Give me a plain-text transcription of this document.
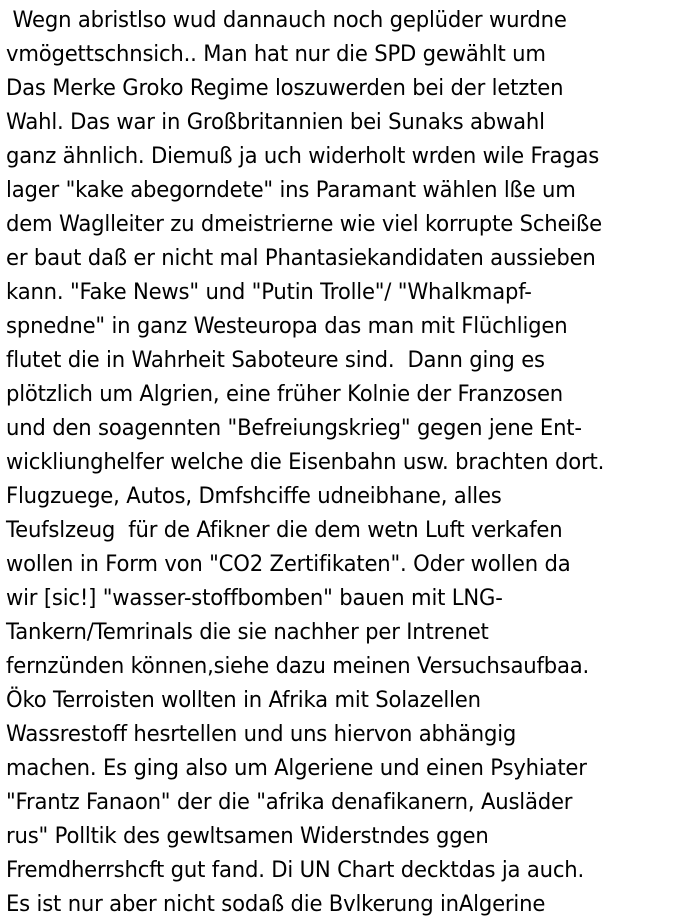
Wegn abristlso wud dannauch noch geplüder wurdne
vmögettschnsich.. Man hat nur die SPD gewählt um
Das Merke Groko Regime loszuwerden bei der letzten
Wahl. Das war in Großbritannien bei Sunaks abwahl
ganz ähnlich. Diemuß ja uch widerholt wrden wile Fragas
lager "kake abegorndete" ins Paramant wählen lße um
dem Waglleiter zu dmeistrierne wie viel korrupte Scheiße
er baut daß er nicht mal Phantasiekandidaten aussieben
kann. "Fake News" und "Putin Trolle"/ "Whalkmapf-
spnedne" in ganz Westeuropa das man mit Flüchligen
flutet die in Wahrheit Saboteure sind.  Dann ging es
plötzlich um Algrien, eine früher Kolnie der Franzosen
und den soagennten "Befreiungskrieg" gegen jene Ent-
wickliunghelfer welche die Eisenbahn usw. brachten dort.
Flugzuege, Autos, Dmfshciffe udneibhane, alles
Teufslzeug  für de Afikner die dem wetn Luft verkafen
wollen in Form von "CO2 Zertifikaten". Oder wollen da
wir [sic!] "wasser-stoffbomben" bauen mit LNG-
Tankern/Temrinals die sie nachher per Intrenet
fernzünden können,siehe dazu meinen Versuchsaufbaa.
Öko Terroisten wollten in Afrika mit Solazellen
Wassrestoff hesrtellen und uns hiervon abhängig
machen. Es ging also um Algeriene und einen Psyhiater
"Frantz Fanaon" der die "afrika denafikanern, Ausläder
rus" Polltik des gewltsamen Widerstndes ggen
Fremdherrshcft gut fand. Di UN Chart decktdas ja auch.
Es ist nur aber nicht sodaß die Bvlkerung inAlgerine
